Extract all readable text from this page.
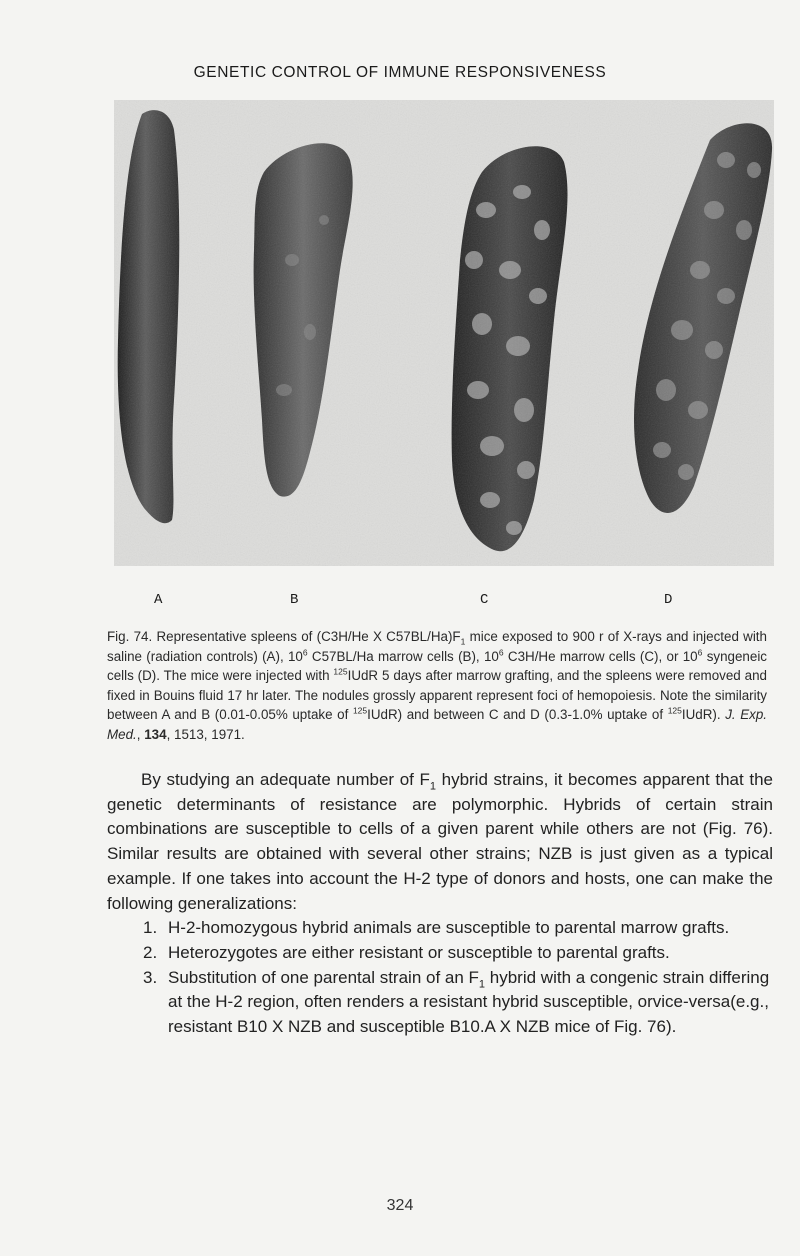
GENETIC CONTROL OF IMMUNE RESPONSIVENESS
A	B	C	D
Fig. 74. Representative spleens of (C3H/He X $C57BL/Ha)F_1$ mice exposed to 900 r of X-rays and injected with saline (radiation controls) (A), $10^6$ C57BL/Ha marrow cells (B), $10^6$ C3H/He marrow cells (C), or $10^6$ syngeneic cells (D). The mice were injected with $^{125}$IUdR 5 days after marrow grafting, and the spleens were removed and fixed in Bouins fluid 17 hr later. The nodules grossly apparent represent foci of hemopoiesis. Note the similarity between A and B (0.01-0.05% uptake of $^{125}$IUdR) and between C and D (0.3-1.0% uptake of $^{125}$IUdR). J. Exp. Med., 134, 1513, 1971.

By studying an adequate number of $F_1$ hybrid strains, it becomes apparent that the genetic determinants of resistance are polymorphic. Hybrids of certain strain combinations are susceptible to cells of a given parent while others are not (Fig. 76). Similar results are obtained with several other strains; NZB is just given as a typical example. If one takes into account the H-2 type of donors and hosts, one can make the following generalizations:

1. H-2-homozygous hybrid animals are susceptible to parental marrow grafts.
2. Heterozygotes are either resistant or susceptible to parental grafts.
3. Substitution of one parental strain of an $F_1$ hybrid with a congenic strain differing at the H-2 region, often renders a resistant hybrid susceptible, orvice-versa(e.g., resistant B10 X NZB and susceptible B10.A X NZB mice of Fig. 76).
324
